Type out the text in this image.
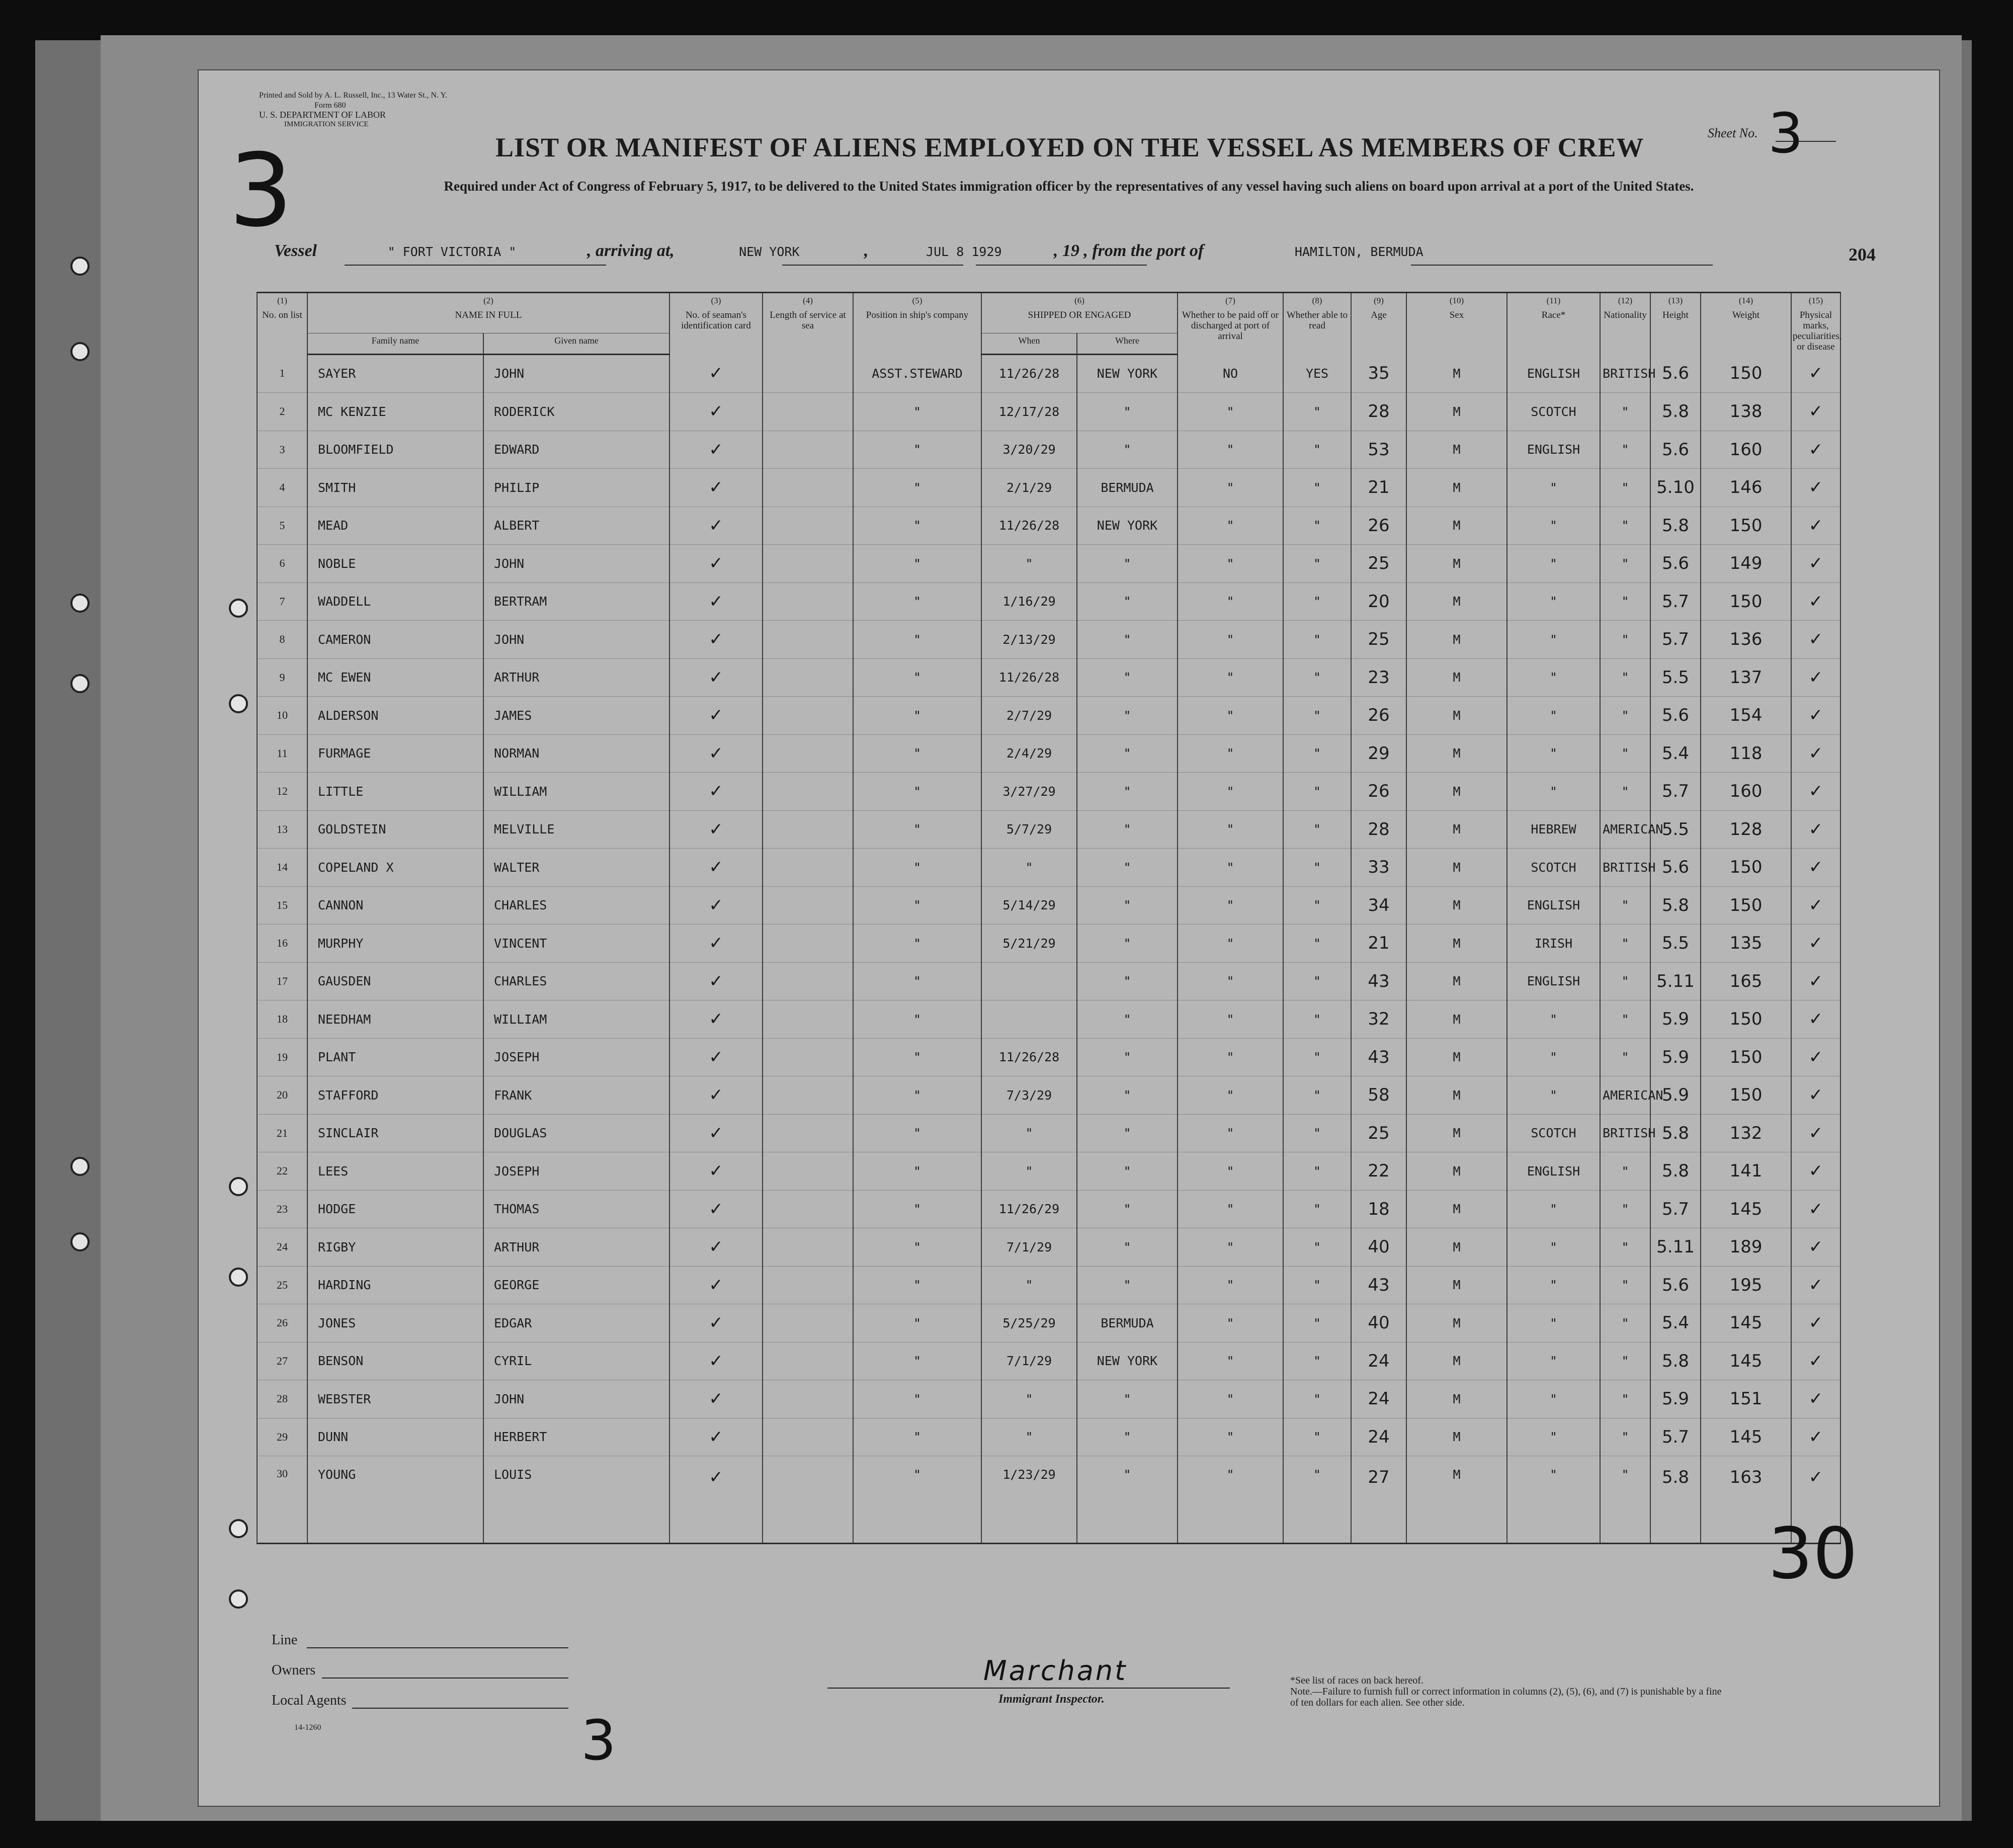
Printed and Sold by A. L. Russell, Inc., 13 Water St., N. Y.
Form 680
U. S. DEPARTMENT OF LABOR
IMMIGRATION SERVICE
3	LIST OR MANIFEST OF ALIENS EMPLOYED ON THE VESSEL AS MEMBERS OF CREW	Sheet No. 3
Required under Act of Congress of February 5, 1917, to be delivered to the United States immigration officer by the representatives of any vessel having such aliens on board upon arrival at a port of the United States.
204
Vessel	" FORT VICTORIA "	, arriving at,	NEW YORK	,	JUL 8 1929	, 19 , from the port of	HAMILTON, BERMUDA
(1)
No. on list	(2)
NAME IN FULL		(3)
No. of seaman's identification card	(4)
Length of service at sea	(5)
Position in ship's company	(6)
SHIPPED OR ENGAGED		(7)
Whether to be paid off or discharged at port of arrival	(8)
Whether able to read	(9)
Age	(10)
Sex	(11)
Race*	(12)
Nationality	(13)
Height	(14)
Weight	(15)
Physical marks, peculiarities, or disease
	Family name	Given name				When	Where									
1	SAYER	JOHN	✓		ASST.STEWARD	11/26/28	NEW YORK	NO	YES	35	M	ENGLISH	BRITISH	5.6	150	✓
2	MC KENZIE	RODERICK	✓		"	12/17/28	"	"	"	28	M	SCOTCH	"	5.8	138	✓
3	BLOOMFIELD	EDWARD	✓		"	3/20/29	"	"	"	53	M	ENGLISH	"	5.6	160	✓
4	SMITH	PHILIP	✓		"	2/1/29	BERMUDA	"	"	21	M	"	"	5.10	146	✓
5	MEAD	ALBERT	✓		"	11/26/28	NEW YORK	"	"	26	M	"	"	5.8	150	✓
6	NOBLE	JOHN	✓		"	"	"	"	"	25	M	"	"	5.6	149	✓
7	WADDELL	BERTRAM	✓		"	1/16/29	"	"	"	20	M	"	"	5.7	150	✓
8	CAMERON	JOHN	✓		"	2/13/29	"	"	"	25	M	"	"	5.7	136	✓
9	MC EWEN	ARTHUR	✓		"	11/26/28	"	"	"	23	M	"	"	5.5	137	✓
10	ALDERSON	JAMES	✓		"	2/7/29	"	"	"	26	M	"	"	5.6	154	✓
11	FURMAGE	NORMAN	✓		"	2/4/29	"	"	"	29	M	"	"	5.4	118	✓
12	LITTLE	WILLIAM	✓		"	3/27/29	"	"	"	26	M	"	"	5.7	160	✓
13	GOLDSTEIN	MELVILLE	✓		"	5/7/29	"	"	"	28	M	HEBREW	AMERICAN	5.5	128	✓
14	COPELAND X	WALTER	✓		"	"	"	"	"	33	M	SCOTCH	BRITISH	5.6	150	✓
15	CANNON	CHARLES	✓		"	5/14/29	"	"	"	34	M	ENGLISH	"	5.8	150	✓
16	MURPHY	VINCENT	✓		"	5/21/29	"	"	"	21	M	IRISH	"	5.5	135	✓
17	GAUSDEN	CHARLES	✓		"		"	"	"	43	M	ENGLISH	"	5.11	165	✓
18	NEEDHAM	WILLIAM	✓		"		"	"	"	32	M	"	"	5.9	150	✓
19	PLANT	JOSEPH	✓		"	11/26/28	"	"	"	43	M	"	"	5.9	150	✓
20	STAFFORD	FRANK	✓		"	7/3/29	"	"	"	58	M	"	AMERICAN	5.9	150	✓
21	SINCLAIR	DOUGLAS	✓		"	"	"	"	"	25	M	SCOTCH	BRITISH	5.8	132	✓
22	LEES	JOSEPH	✓		"	"	"	"	"	22	M	ENGLISH	"	5.8	141	✓
23	HODGE	THOMAS	✓		"	11/26/29	"	"	"	18	M	"	"	5.7	145	✓
24	RIGBY	ARTHUR	✓		"	7/1/29	"	"	"	40	M	"	"	5.11	189	✓
25	HARDING	GEORGE	✓		"	"	"	"	"	43	M	"	"	5.6	195	✓
26	JONES	EDGAR	✓		"	5/25/29	BERMUDA	"	"	40	M	"	"	5.4	145	✓
27	BENSON	CYRIL	✓		"	7/1/29	NEW YORK	"	"	24	M	"	"	5.8	145	✓
28	WEBSTER	JOHN	✓		"	"	"	"	"	24	M	"	"	5.9	151	✓
29	DUNN	HERBERT	✓		"	"	"	"	"	24	M	"	"	5.7	145	✓
30	YOUNG	LOUIS	✓		"	1/23/29	"	"	"	27	M	"	"	5.8	163	✓
30
Line
Owners
Local Agents
14-1260	3
Marchant
Immigrant Inspector.
*See list of races on back hereof.
Note.—Failure to furnish full or correct information in columns (2), (5), (6), and (7) is punishable by a fine of ten dollars for each alien. See other side.
